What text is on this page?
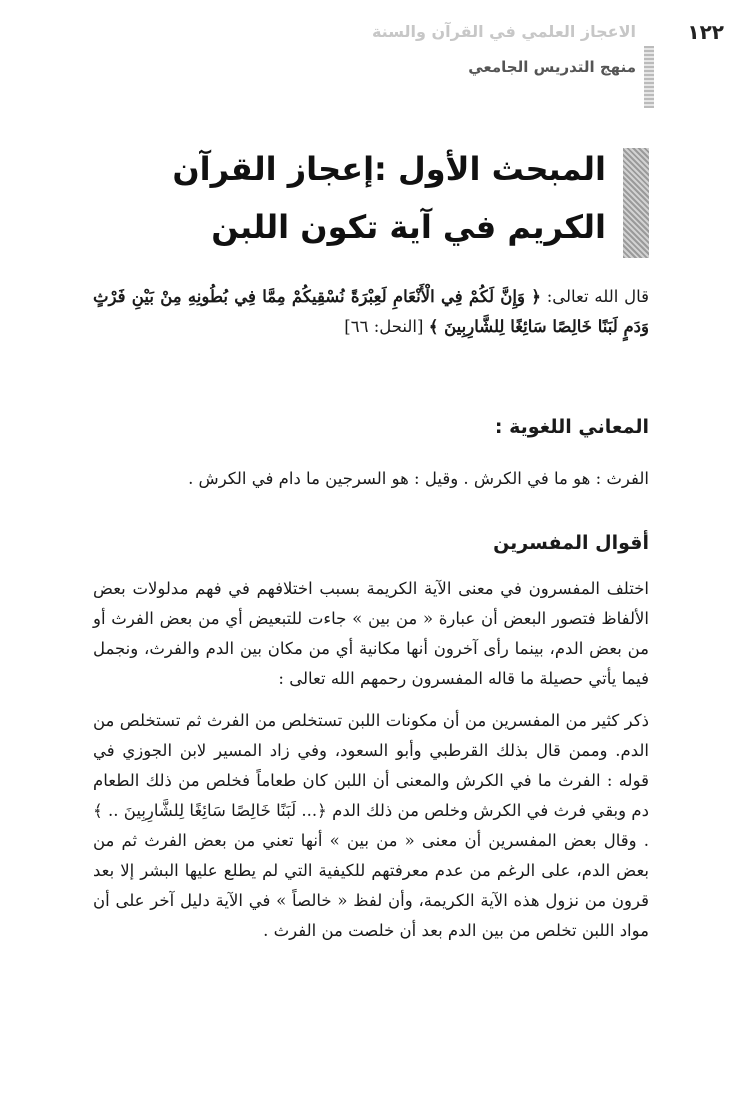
١٢٢
الاعجاز العلمي في القرآن والسنة
منهج التدريس الجامعي
المبحث الأول :إعجاز القرآن
الكريم في آية تكون اللبن

قال الله تعالى: ﴿ وَإِنَّ لَكُمْ فِي الْأَنْعَامِ لَعِبْرَةً نُسْقِيكُمْ مِمَّا فِي بُطُونِهِ مِنْ بَيْنِ فَرْثٍ وَدَمٍ لَبَنًا خَالِصًا سَائِغًا لِلشَّارِبِينَ ﴾ [النحل: ٦٦]

المعاني اللغوية :

الفرث : هو ما في الكرش . وقيل : هو السرجين ما دام في الكرش .

أقوال المفسرين

اختلف المفسرون في معنى الآية الكريمة بسبب اختلافهم في فهم مدلولات بعض الألفاظ فتصور البعض أن عبارة « من بين » جاءت للتبعيض أي من بعض الفرث أو من بعض الدم، بينما رأى آخرون أنها مكانية أي من مكان بين الدم والفرث، ونجمل فيما يأتي حصيلة ما قاله المفسرون رحمهم الله تعالى :

ذكر كثير من المفسرين من أن مكونات اللبن تستخلص من الفرث ثم تستخلص من الدم. وممن قال بذلك القرطبي وأبو السعود، وفي زاد المسير لابن الجوزي في قوله : الفرث ما في الكرش والمعنى أن اللبن كان طعاماً فخلص من ذلك الطعام دم وبقي فرث في الكرش وخلص من ذلك الدم ﴿... لَبَنًا خَالِصًا سَائِغًا لِلشَّارِبِينَ .. ﴾ . وقال بعض المفسرين أن معنى « من بين » أنها تعني من بعض الفرث ثم من بعض الدم، على الرغم من عدم معرفتهم للكيفية التي لم يطلع عليها البشر إلا بعد قرون من نزول هذه الآية الكريمة، وأن لفظ « خالصاً » في الآية دليل آخر على أن مواد اللبن تخلص من بين الدم بعد أن خلصت من الفرث .
